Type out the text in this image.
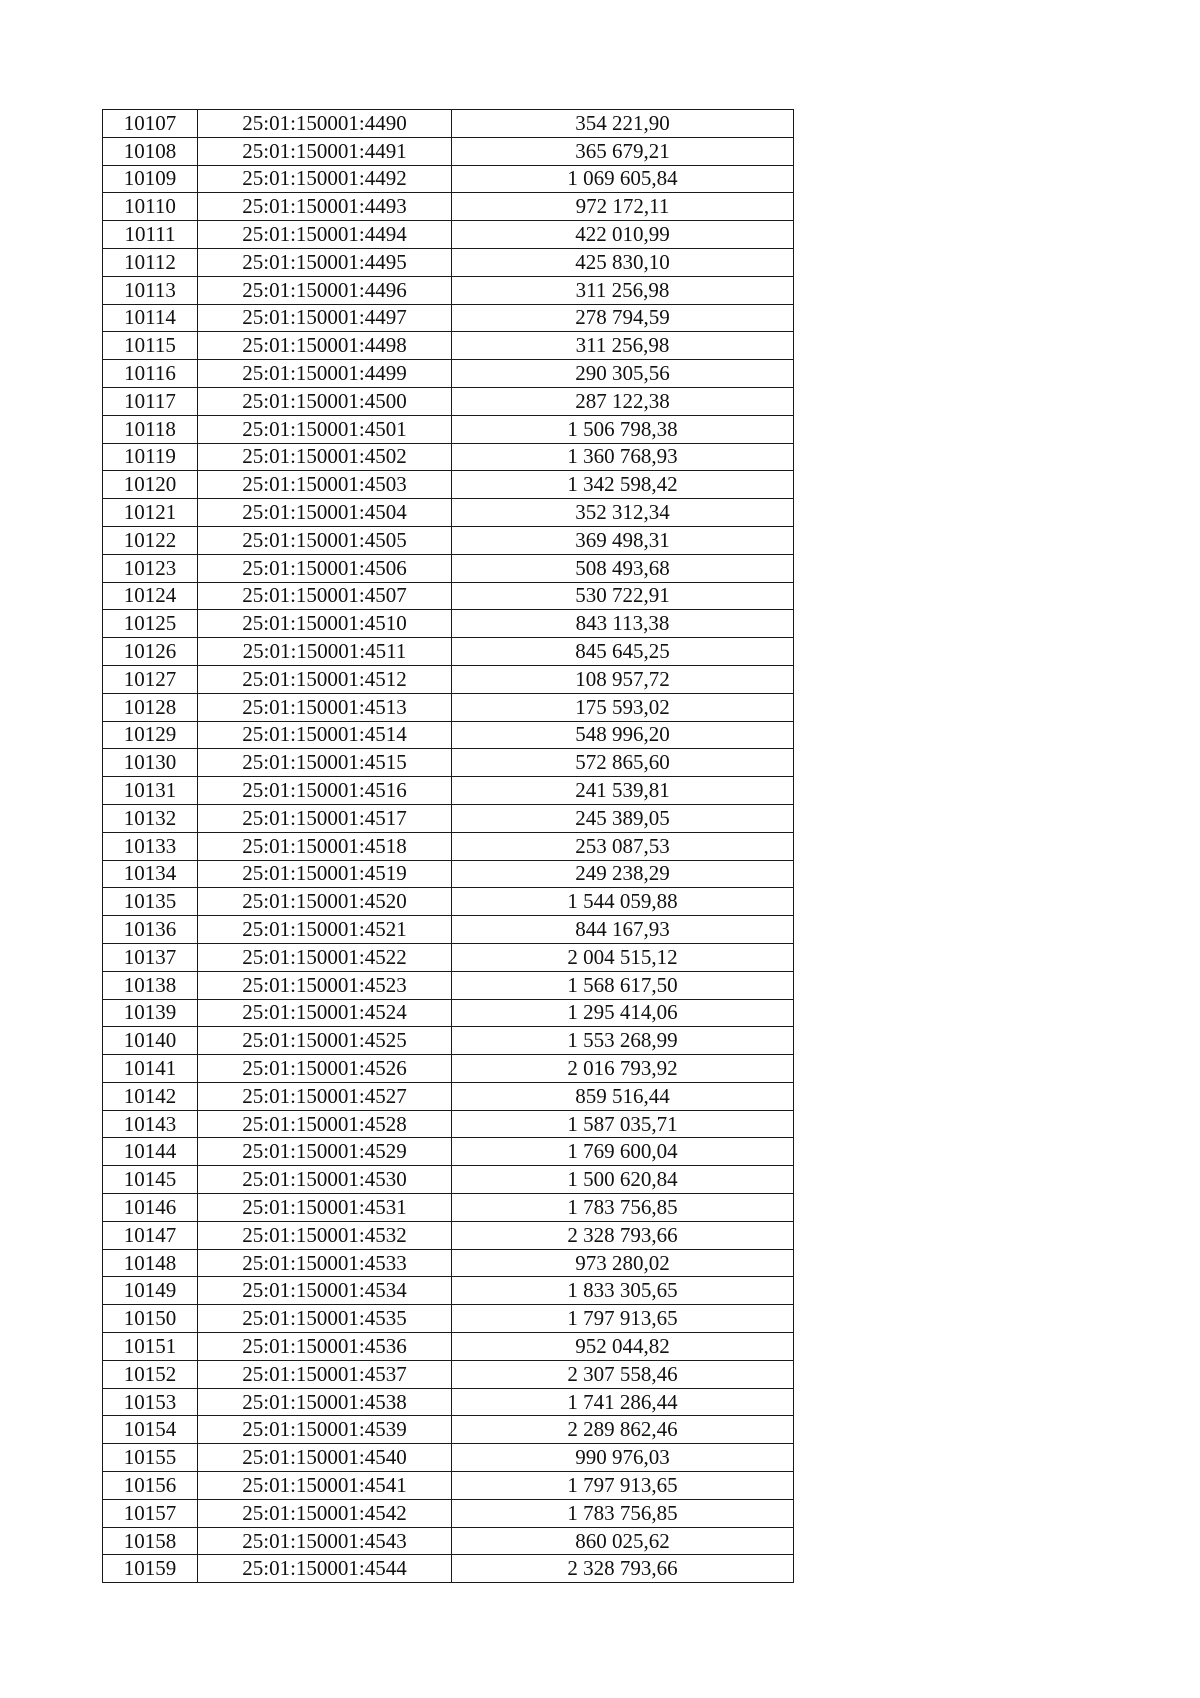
10107	25:01:150001:4490	354 221,90
10108	25:01:150001:4491	365 679,21
10109	25:01:150001:4492	1 069 605,84
10110	25:01:150001:4493	972 172,11
10111	25:01:150001:4494	422 010,99
10112	25:01:150001:4495	425 830,10
10113	25:01:150001:4496	311 256,98
10114	25:01:150001:4497	278 794,59
10115	25:01:150001:4498	311 256,98
10116	25:01:150001:4499	290 305,56
10117	25:01:150001:4500	287 122,38
10118	25:01:150001:4501	1 506 798,38
10119	25:01:150001:4502	1 360 768,93
10120	25:01:150001:4503	1 342 598,42
10121	25:01:150001:4504	352 312,34
10122	25:01:150001:4505	369 498,31
10123	25:01:150001:4506	508 493,68
10124	25:01:150001:4507	530 722,91
10125	25:01:150001:4510	843 113,38
10126	25:01:150001:4511	845 645,25
10127	25:01:150001:4512	108 957,72
10128	25:01:150001:4513	175 593,02
10129	25:01:150001:4514	548 996,20
10130	25:01:150001:4515	572 865,60
10131	25:01:150001:4516	241 539,81
10132	25:01:150001:4517	245 389,05
10133	25:01:150001:4518	253 087,53
10134	25:01:150001:4519	249 238,29
10135	25:01:150001:4520	1 544 059,88
10136	25:01:150001:4521	844 167,93
10137	25:01:150001:4522	2 004 515,12
10138	25:01:150001:4523	1 568 617,50
10139	25:01:150001:4524	1 295 414,06
10140	25:01:150001:4525	1 553 268,99
10141	25:01:150001:4526	2 016 793,92
10142	25:01:150001:4527	859 516,44
10143	25:01:150001:4528	1 587 035,71
10144	25:01:150001:4529	1 769 600,04
10145	25:01:150001:4530	1 500 620,84
10146	25:01:150001:4531	1 783 756,85
10147	25:01:150001:4532	2 328 793,66
10148	25:01:150001:4533	973 280,02
10149	25:01:150001:4534	1 833 305,65
10150	25:01:150001:4535	1 797 913,65
10151	25:01:150001:4536	952 044,82
10152	25:01:150001:4537	2 307 558,46
10153	25:01:150001:4538	1 741 286,44
10154	25:01:150001:4539	2 289 862,46
10155	25:01:150001:4540	990 976,03
10156	25:01:150001:4541	1 797 913,65
10157	25:01:150001:4542	1 783 756,85
10158	25:01:150001:4543	860 025,62
10159	25:01:150001:4544	2 328 793,66
